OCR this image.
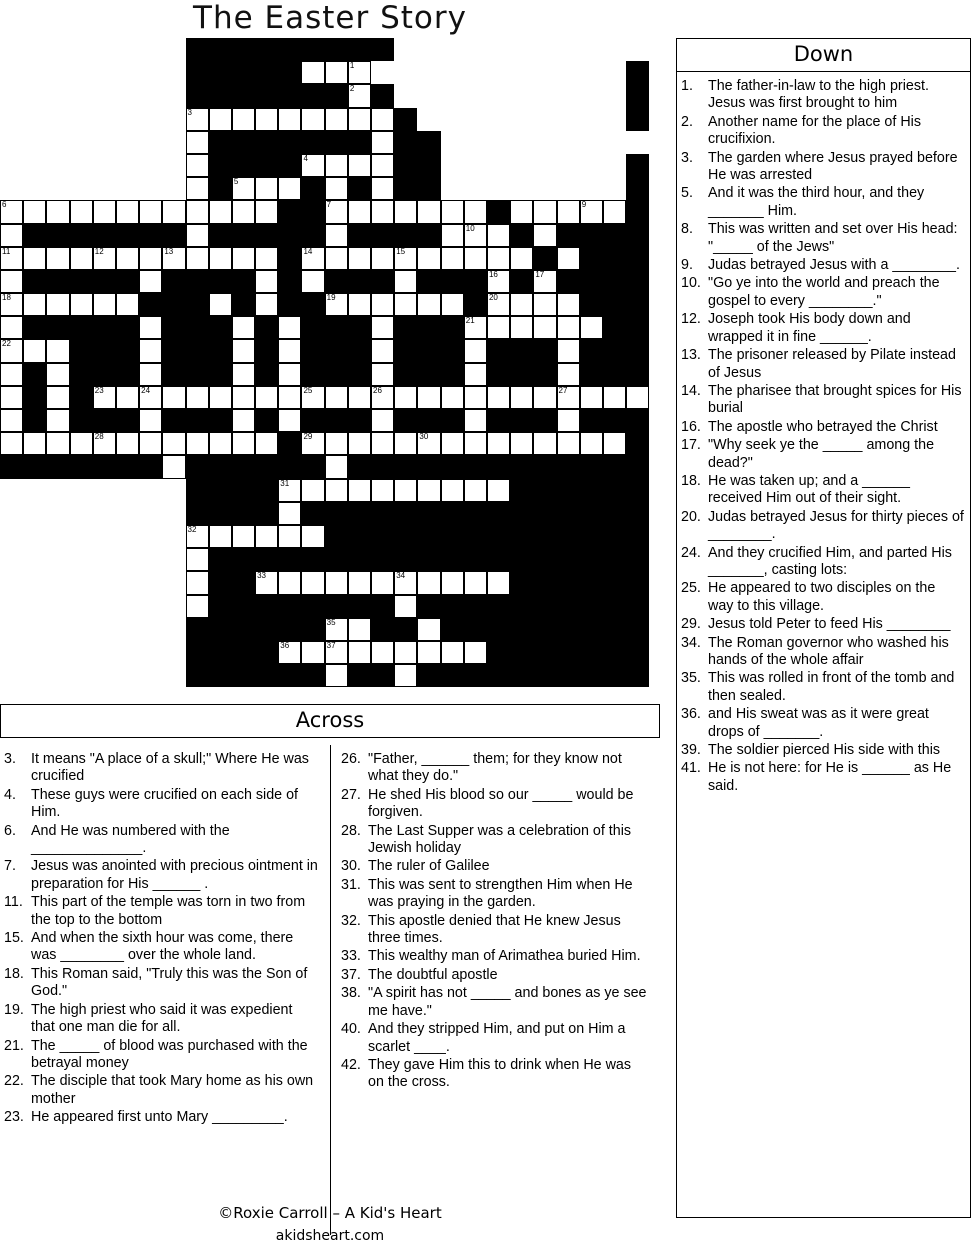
The Easter Story
1
2
3
4
5
6	7	9
10
11	12	13	14	15
16	17
18	19	20
21
22
23	24	25	26	27
28	29	30
31
32
33	34
35
36	37
Down
1.	The father-in-law to the high priest. Jesus was first brought to him
2.	Another name for the place of His crucifixion.
3.	The garden where Jesus prayed before He was arrested
5.	And it was the third hour, and they _______ Him.
8.	This was written and set over His head: "_____ of the Jews"
9.	Judas betrayed Jesus with a ________.
10. "Go ye into the world and preach the gospel to every ________."
12. Joseph took His body down and wrapped it in fine ______.
13. The prisoner released by Pilate instead of Jesus
14. The pharisee that brought spices for His burial
16. The apostle who betrayed the Christ
17. "Why seek ye the _____ among the dead?"
18. He was taken up; and a ______ received Him out of their sight.
20. Judas betrayed Jesus for thirty pieces of ________.
24. And they crucified Him, and parted His _______, casting lots:
25. He appeared to two disciples on the way to this village.
29. Jesus told Peter to feed His ________
34. The Roman governor who washed his hands of the whole affair
35. This was rolled in front of the tomb and then sealed.
36. and His sweat was as it were great drops of _______.
39. The soldier pierced His side with this
41. He is not here: for He is ______ as He said.
Across
3.	It means "A place of a skull;" Where He was crucified
4.	These guys were crucified on each side of Him.
6.	And He was numbered with the ______________.
7.	Jesus was anointed with precious ointment in preparation for His ______ .
11. This part of the temple was torn in two from the top to the bottom
15. And when the sixth hour was come, there was ________ over the whole land.
18. This Roman said, "Truly this was the Son of God."
19. The high priest who said it was expedient that one man die for all.
21. The _____ of blood was purchased with the betrayal money
22. The disciple that took Mary home as his own mother
23. He appeared first unto Mary _________.
26. "Father, ______ them; for they know not what they do."
27. He shed His blood so our _____ would be forgiven.
28. The Last Supper was a celebration of this Jewish holiday
30. The ruler of Galilee
31. This was sent to strengthen Him when He was praying in the garden.
32. This apostle denied that He knew Jesus three times.
33. This wealthy man of Arimathea buried Him.
37. The doubtful apostle
38. "A spirit has not _____ and bones as ye see me have."
40. And they stripped Him, and put on Him a scarlet ____.
42. They gave Him this to drink when He was on the cross.
©Roxie Carroll – A Kid's Heart
akidsheart.com
